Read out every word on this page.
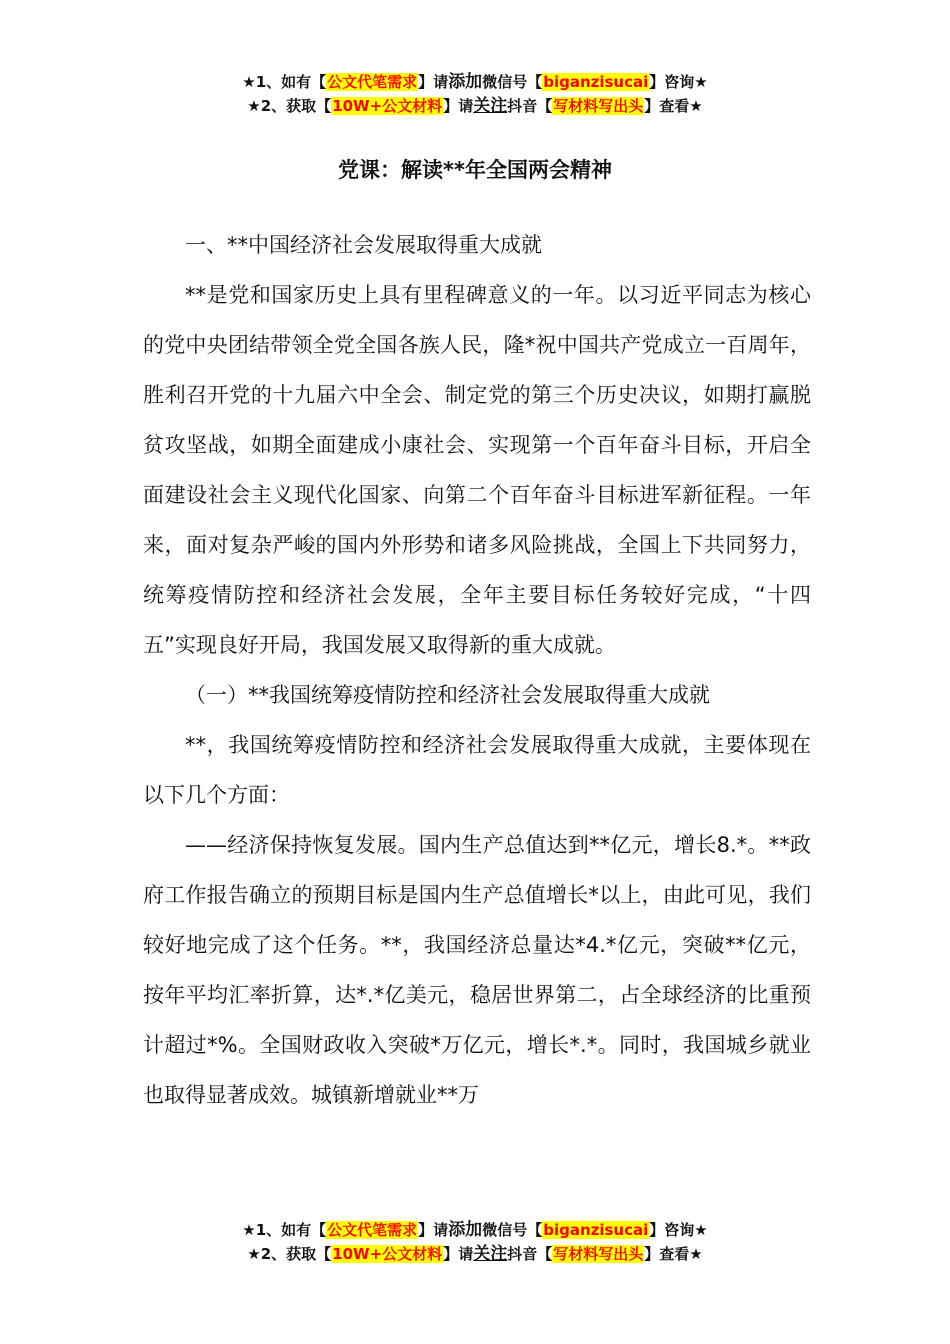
★1、如有【公文代笔需求】请添加微信号【biganzisucai】咨询★
★2、获取【10W+公文材料】请关注抖音【写材料写出头】查看★
党课：解读**年全国两会精神

一、**中国经济社会发展取得重大成就

**是党和国家历史上具有里程碑意义的一年。以习近平同志为核心的党中央团结带领全党全国各族人民，隆*祝中国共产党成立一百周年，胜利召开党的十九届六中全会、制定党的第三个历史决议，如期打赢脱贫攻坚战，如期全面建成小康社会、实现第一个百年奋斗目标，开启全面建设社会主义现代化国家、向第二个百年奋斗目标进军新征程。一年来，面对复杂严峻的国内外形势和诸多风险挑战，全国上下共同努力，统筹疫情防控和经济社会发展，全年主要目标任务较好完成，“十四五”实现良好开局，我国发展又取得新的重大成就。

（一）**我国统筹疫情防控和经济社会发展取得重大成就

**，我国统筹疫情防控和经济社会发展取得重大成就，主要体现在以下几个方面：

——经济保持恢复发展。国内生产总值达到**亿元，增长8.*。**政府工作报告确立的预期目标是国内生产总值增长*以上，由此可见，我们较好地完成了这个任务。**，我国经济总量达*4.*亿元，突破**亿元，按年平均汇率折算，达*.*亿美元，稳居世界第二，占全球经济的比重预计超过*%。全国财政收入突破*万亿元，增长*.*。同时，我国城乡就业也取得显著成效。城镇新增就业**万

★1、如有【公文代笔需求】请添加微信号【biganzisucai】咨询★
★2、获取【10W+公文材料】请关注抖音【写材料写出头】查看★
